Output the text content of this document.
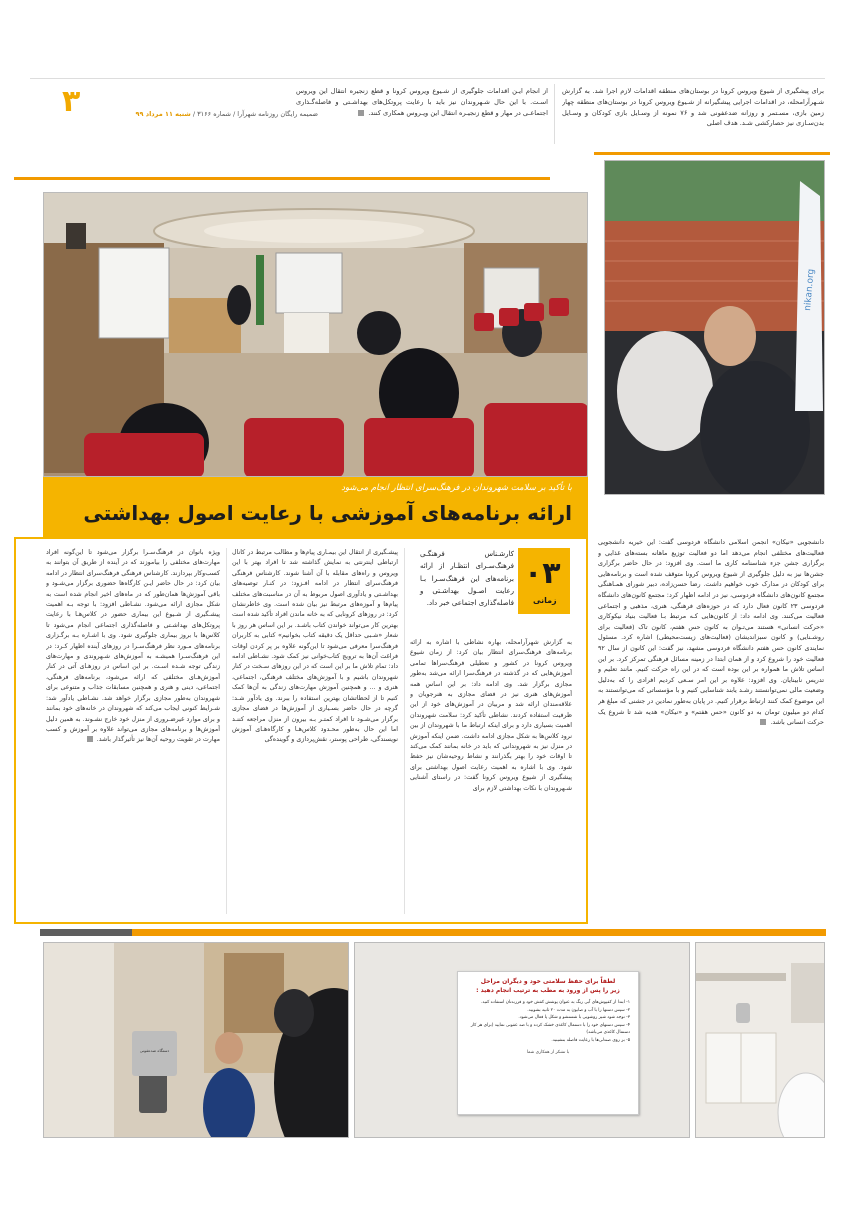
۳	ضمیمه رایگان روزنامه شهرآرا / شماره ۳۱۶۶ / شنبه ۱۱ مرداد ۹۹
از انجام ایـن اقدامات جلوگیری از شـیوع ویروس کرونا و قطع زنجیره انتقال این ویروس اسـت. با این حال شـهروندان نیز باید با رعایت پروتکل‌های بهداشـتی و فاصله‌گـذاری اجتماعـی در مهار و قطع زنجیـره انتقال این ویـروس همکاری کنند.
برای پیشگیری از شیوع ویروس کرونا در بوستان‌های منطقه اقدامات لازم اجرا شد. به گزارش شـهرآرامحله، در اقدامات اجرایی پیشگیرانه از شـیوع ویروس کرونا در بوستان‌های منطقه چهار زمین بازی، مسـتمر و روزانه ضدعفونی شد و ۷۶ نمونه از وسـایل بازی کودکان و وسـایل بدن‌سـازی نیز حصارکشی شـد. هدف اصلی
nikan.org
با تأکید بر سلامت شهروندان در فرهنگ‌سرای انتظار انجام می‌شود
ارائه برنامه‌های آموزشی با رعایت اصول بهداشتی
۰۳
زمانی
کارشـناس فرهنگـی فرهنگ‌سـرای انتظـار از ارائه برنامه‌های این فرهنگ‌سـرا بـا رعایت اصـول بهداشـتی و فاصله‌گذاری اجتماعی خبر داد.
به گزارش شهرآرامحله، بهاره نشاطی با اشاره به ارائه برنامه‌های فرهنگ‌سرای انتظار بیان کرد: از زمان شیوع ویروس کرونا در کشور و تعطیلی فرهنگ‌سراها تمامی آموزش‌هایی که در گذشته در فرهنگ‌سرا ارائه می‌شد به‌طور مجازی برگزار شد. وی ادامه داد: بر این اساس همه آموزش‌های هنری نیز در فضای مجازی به هنرجویان و علاقه‌مندان ارائه شد و مربیان در آموزش‌های خود از این ظرفیت استفاده کردند. نشاطی تأکید کرد: سلامت شهروندان اهمیت بسیاری دارد و برای اینکه ارتباط ما با شهروندان از بین نرود کلاس‌ها به شکل مجازی ادامه داشت. ضمن اینکه آموزش در منزل نیز به شهروندانی که باید در خانه بمانند کمک می‌کند تا اوقات خود را بهتر بگذرانند و نشاط روحیه‌شان نیز حفظ شود. وی با اشاره به اهمیت رعایت اصول بهداشتی برای پیشگیری از شیوع ویروس کرونا گفت: در راستای آشنایی شـهروندان با نکات بهداشتی لازم برای
پیشـگیری از انتقال این بیمـاری پیام‌ها و مطالب مرتبط در کانال ارتباطی اینترنتی به نمایش گذاشته شد تا افراد بهتر با این ویروس و راه‌های مقابله با آن آشنا شوند. کارشناس فرهنگی فرهنگ‌سرای انتظار در ادامه افـزود: در کنـار توصیه‌های بهداشـتی و یادآوری اصول مربوط به آن در مناسبت‌های مختلف پیام‌ها و آموزه‌های مرتبط نیز بیان شده است. وی خاطرنشان کرد: در روزهای کرونایی که به خانه ماندن افراد تأکید شده است بهترین کار می‌تواند خواندن کتاب باشـد. بر این اساس هر روز با شعار «شـبی حداقل یک دقیقه کتاب بخوانیم» کتابی به کاربران فرهنگ‌سرا معرفی می‌شود تا این‌گونه علاوه بر پر کردن اوقات فراغت آن‌ها به ترویج کتاب‌خوانی نیز کمک شود. نشـاطی ادامه داد: تمام تلاش ما بر این است که در این روزهای سـخت در کنار شهروندان باشیم و با آموزش‌های مختلف فرهنگی، اجتماعی، هنری و ... و همچنین آموزش مهارت‌های زندگی به آن‌ها کمک کنیم تا از لحظاتشان بهترین استفاده را ببرند. وی یادآور شـد: گرچه در حال حاضر بسـیاری از آموزش‌ها در فضای مجازی برگزار می‌شـود تا افراد کمتـر بـه بیرون از منزل مراجعه کننـد اما این حال به‌طور محـدود کلاس‌هـا و کارگاه‌هـای آموزش نویسندگی، طراحی پوستر، نقش‌پردازی و گوینده‌گی
ویژه بانوان در فرهنگ‌سـرا برگزار می‌شود تا این‌گونه افراد مهارت‌های مختلفی را بیاموزند که در آینده از طریق آن بتوانند به کسب‌وکار بپردازند. کارشناس فرهنگی فرهنگ‌سرای انتظار در ادامه بیان کرد: در حال حاضر ایـن کارگاه‌ها حضوری برگزار می‌شـود و باقی آموزش‌ها همان‌طور که در ماه‌های اخیر انجام شده است به شکل مجازی ارائه می‌شود. نشـاطی افزود: با توجه بـه اهمیت پیشـگیری از شـیوع این بیماری حضور در کلاس‌هـا با رعایت پروتکل‌های بهداشـتی و فاصله‌گذاری اجتماعی انجام می‌شود تا کلاس‌ها با بروز بیماری جلوگیری شود. وی با اشـاره بـه برگـزاری برنامه‌های مـورد نظر فرهنگ‌سـرا در روزهای آینده اظهار کـرد: در این فرهنگ‌سـرا همیشـه به آموزش‌های شـهروندی و مهارت‌های زندگی توجه شـده اسـت. بر این اساس در روزهـای آتی در کنار آموزش‌هـای مختلفی که ارائه می‌شود، برنامه‌های فرهنگی، اجتماعی، دینی و هنری و همچنین مسابقات جذاب و متنوعی برای شهروندان به‌طور مجازی برگزار خواهد شد. نشـاطی یادآور شد: شـرایط کنونی ایجاب می‌کند که شهروندان در خانه‌های خود بمانند و برای موارد غیرضـروری از منزل خود خارج نشـوند. به همین دلیل آموزش‌ها و برنامه‌های مجازی می‌تواند علاوه بر آموزش و کسب مهارت در تقویت روحیه آن‌ها نیز تأثیرگذار باشد.
دانشجویی «نیکان» انجمن اسلامی دانشگاه فردوسی گفت: این خیریه دانشجویی فعالیت‌های مختلفی انجام می‌دهد اما دو فعالیت توزیع ماهانه بسته‌های غذایی و برگزاری جشن جزء شناسنامه کاری ما است. وی افزود: در حال حاضر برگزاری جشن‌ها نیز به دلیل جلوگیری از شیوع ویروس کرونا متوقف شده است و برنامه‌هایی برای کودکان در مدارک خوب خواهیم داشت. رضا حسن‌زاده، دبیر شورای همـاهنگی مجتمع کانون‌های دانشگاه فردوسی، نیز در ادامه اظهار کرد: مجتمع کانون‌های دانشگاه فردوسی ۲۳ کانون فعال دارد که در حوزه‌های فرهنگی، هنری، مذهبی و اجتماعی فعالیت می‌کنند. وی ادامه داد: از کانون‌هایی کـه مرتبط بـا فعالیت بنیاد نیکوکاری «حرکت انسانی» هستند می‌تـوان به کانون حس هفتم، کانون تاک (فعالیت برای روشـنایی) و کانون سبزاندیشان (فعالیت‌های زیست‌محیطی) اشاره کرد. مسئول نمایندی کانون حس هفتم دانشگاه فردوسی مشهد، نیز گفت: این کانون از سال ۹۲ فعالیت خود را شروع کرد و از همان ابتدا در زمینه مسائل فرهنگی تمرکز کرد. بر این اساس تلاش ما همواره بر این بوده است که در این راه حرکت کنیم. مانند تعلیم و تدریس نابینایان. وی افزود: علاوه بر این امر سـعی کردیم افرادی را که به‌دلیل وضعیت مالی نمی‌توانستند رشـد یابند شناسایی کنیم و با مؤسساتی که می‌توانستند به این موضوع کمک کنند ارتباط برقرار کنیم. در پایان به‌طور نمادین در جشنی که مبلغ هر کدام دو میلیون تومان به دو کانون «حس هفتم» و «نیکان» هدیه شد تا شروع یک حرکت انسانی باشد.
دستگاه ضدعفونی
لطفاً برای حفظ سلامتی خود و دیگران مراحل
زیر را پس از ورود به مطب به ترتیب انجام دهید :
۱- ابتدا از کفپوش‌های آبی رنگ به عنوان پوشش کفش خود و فرزندتان استفاده کنید.
۲- سپس دستها را با آب و صابون به مدت ۲۰ ثانیه بشویید.
۳- توجه شود شیر روشویی با شستشو و شکل پا فعال می‌شود.
۴- سپس دستهای خود را با دستمال کاغذی خشک کرده و با ضد عفونی نمایید (برای هر کار دستمال کاغذی می‌باشد)
۵- بر روی صندلی‌ها با رعایت فاصله بنشینید.
با تشکر از همکاری شما
